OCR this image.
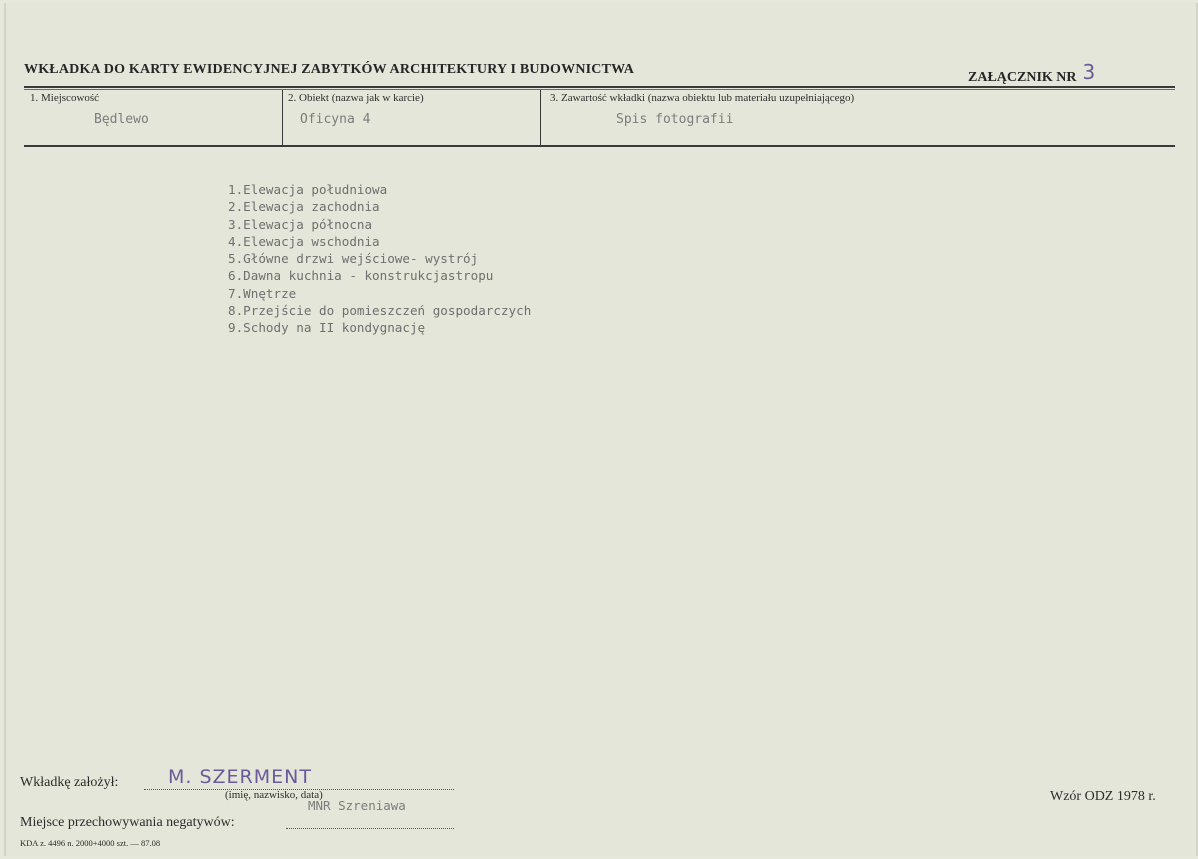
WKŁADKA DO KARTY EWIDENCYJNEJ ZABYTKÓW ARCHITEKTURY I BUDOWNICTWA
ZAŁĄCZNIK NR 3
1. Miejscowość
Będlewo
2. Obiekt (nazwa jak w karcie)
Oficyna 4
3. Zawartość wkładki (nazwa obiektu lub materiału uzupełniającego)
Spis fotografii
1.Elewacja południowa
2.Elewacja zachodnia
3.Elewacja północna
4.Elewacja wschodnia
5.Główne drzwi wejściowe- wystrój
6.Dawna kuchnia - konstrukcjastropu
7.Wnętrze
8.Przejście do pomieszczeń gospodarczych
9.Schody na II kondygnację
Wkładkę założył:	M. SZERMENT
(imię, nazwisko, data)
MNR Szreniawa
Miejsce przechowywania negatywów:
Wzór ODZ 1978 r.
KDA z. 4496 n. 2000+4000 szt. — 87.08
